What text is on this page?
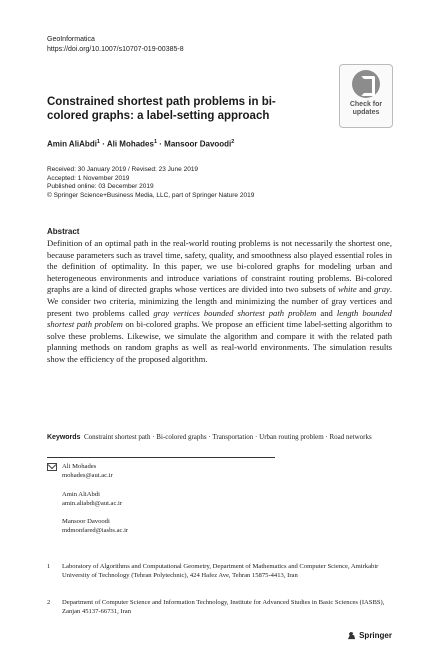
GeoInformatica
https://doi.org/10.1007/s10707-019-00385-8
Check for
updates
Constrained shortest path problems in bi-colored graphs: a label-setting approach
Amin AliAbdi$^1$ · Ali Mohades$^1$ · Mansoor Davoodi$^2$
Received: 30 January 2019 / Revised: 23 June 2019
Accepted: 1 November 2019
Published online: 03 December 2019
© Springer Science+Business Media, LLC, part of Springer Nature 2019
Abstract
Definition of an optimal path in the real-world routing problems is not necessarily the shortest one, because parameters such as travel time, safety, quality, and smoothness also played essential roles in the definition of optimality. In this paper, we use bi-colored graphs for modeling urban and heterogeneous environments and introduce variations of constraint routing problems. Bi-colored graphs are a kind of directed graphs whose vertices are divided into two subsets of white and gray. We consider two criteria, minimizing the length and minimizing the number of gray vertices and present two problems called gray vertices bounded shortest path problem and length bounded shortest path problem on bi-colored graphs. We propose an efficient time label-setting algorithm to solve these problems. Likewise, we simulate the algorithm and compare it with the related path planning methods on random graphs as well as real-world environments. The simulation results show the efficiency of the proposed algorithm.
Keywords Constraint shortest path · Bi-colored graphs · Transportation · Urban routing problem · Road networks
Ali Mohades
mohades@aut.ac.ir
Amin AliAbdi
amin.aliabdi@aut.ac.ir
Mansoor Davoodi
mdmonfared@iasbs.ac.ir
1 Laboratory of Algorithms and Computational Geometry, Department of Mathematics and Computer Science, Amirkabir University of Technology (Tehran Polytechnic), 424 Hafez Ave, Tehran 15875-4413, Iran
2 Department of Computer Science and Information Technology, Institute for Advanced Studies in Basic Sciences (IASBS), Zanjan 45137-66731, Iran
Springer
